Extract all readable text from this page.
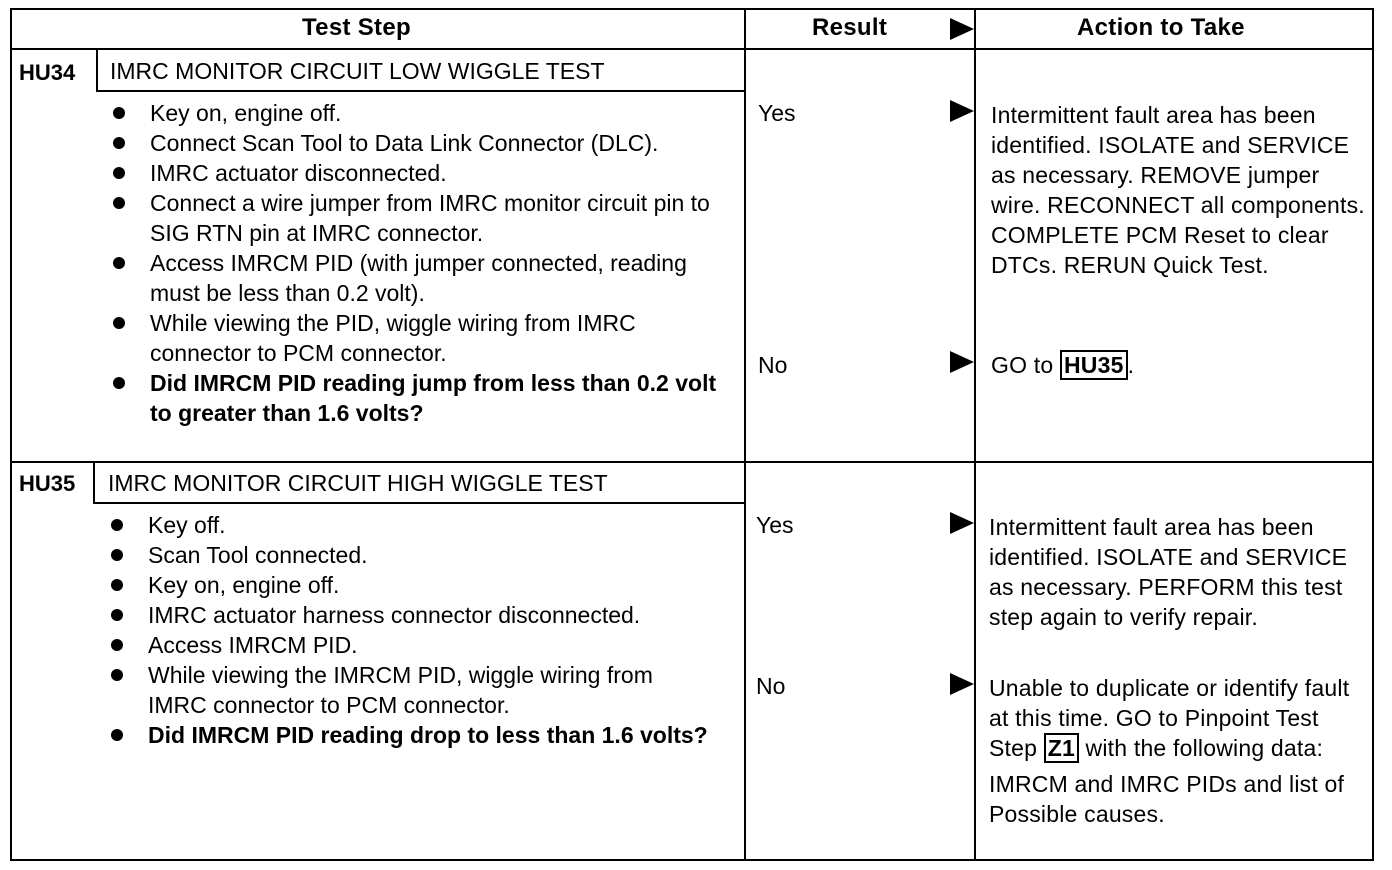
Test Step	Result	Action to Take
HU34 IMRC MONITOR CIRCUIT LOW WIGGLE TEST
Key on, engine off.
Connect Scan Tool to Data Link Connector (DLC).
IMRC actuator disconnected.
Connect a wire jumper from IMRC monitor circuit pin to SIG RTN pin at IMRC connector.
Access IMRCM PID (with jumper connected, reading must be less than 0.2 volt).
While viewing the PID, wiggle wiring from IMRC connector to PCM connector.
Did IMRCM PID reading jump from less than 0.2 volt to greater than 1.6 volts?
Yes	Intermittent fault area has been identified. ISOLATE and SERVICE as necessary. REMOVE jumper wire. RECONNECT all components. COMPLETE PCM Reset to clear DTCs. RERUN Quick Test.

No	GO to HU35 .
HU35 IMRC MONITOR CIRCUIT HIGH WIGGLE TEST
Key off.
Scan Tool connected.
Key on, engine off.
IMRC actuator harness connector disconnected.
Access IMRCM PID.
While viewing the IMRCM PID, wiggle wiring from IMRC connector to PCM connector.
Did IMRCM PID reading drop to less than 1.6 volts?
Yes	Intermittent fault area has been identified. ISOLATE and SERVICE as necessary. PERFORM this test step again to verify repair.

No	Unable to duplicate or identify fault at this time. GO to Pinpoint Test Step Z1 with the following data:

IMRCM and IMRC PIDs and list of Possible causes.
